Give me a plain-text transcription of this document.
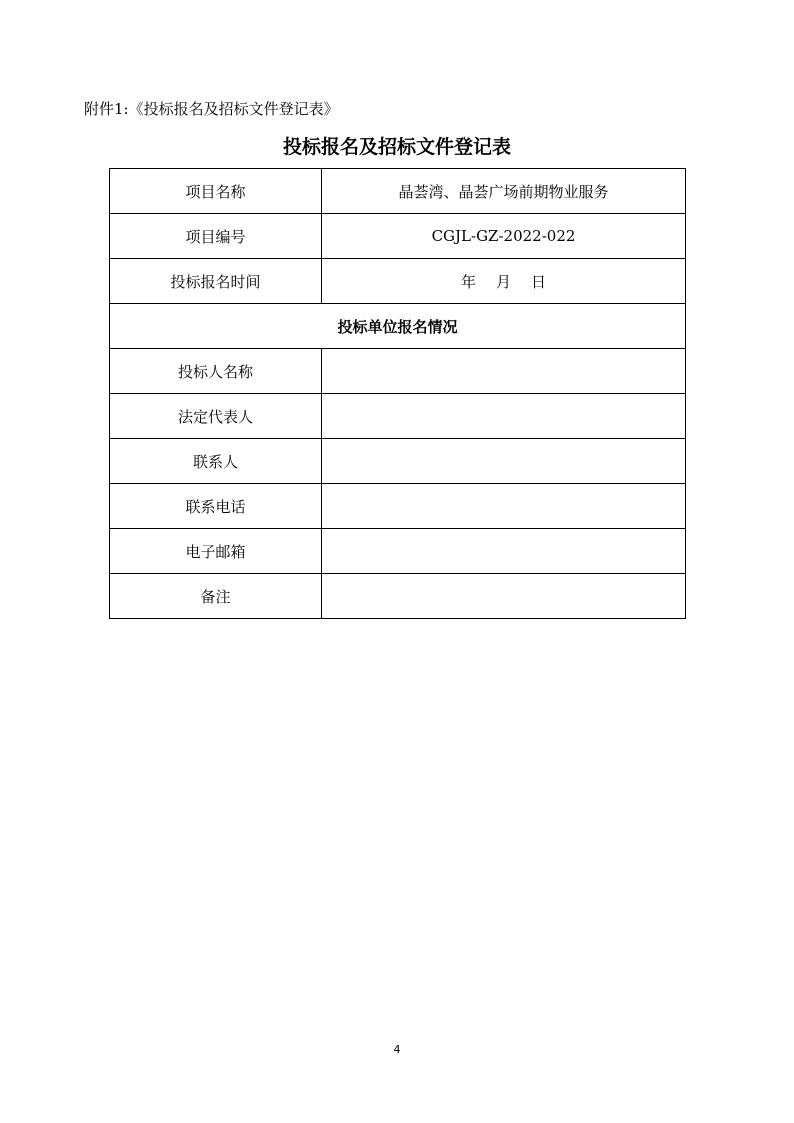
附件1:《投标报名及招标文件登记表》
投标报名及招标文件登记表
项目名称	晶荟湾、晶荟广场前期物业服务
项目编号	CGJL-GZ-2022-022
投标报名时间	年 月 日
投标单位报名情况	
投标人名称	
法定代表人	
联系人	
联系电话	
电子邮箱	
备注	
4
